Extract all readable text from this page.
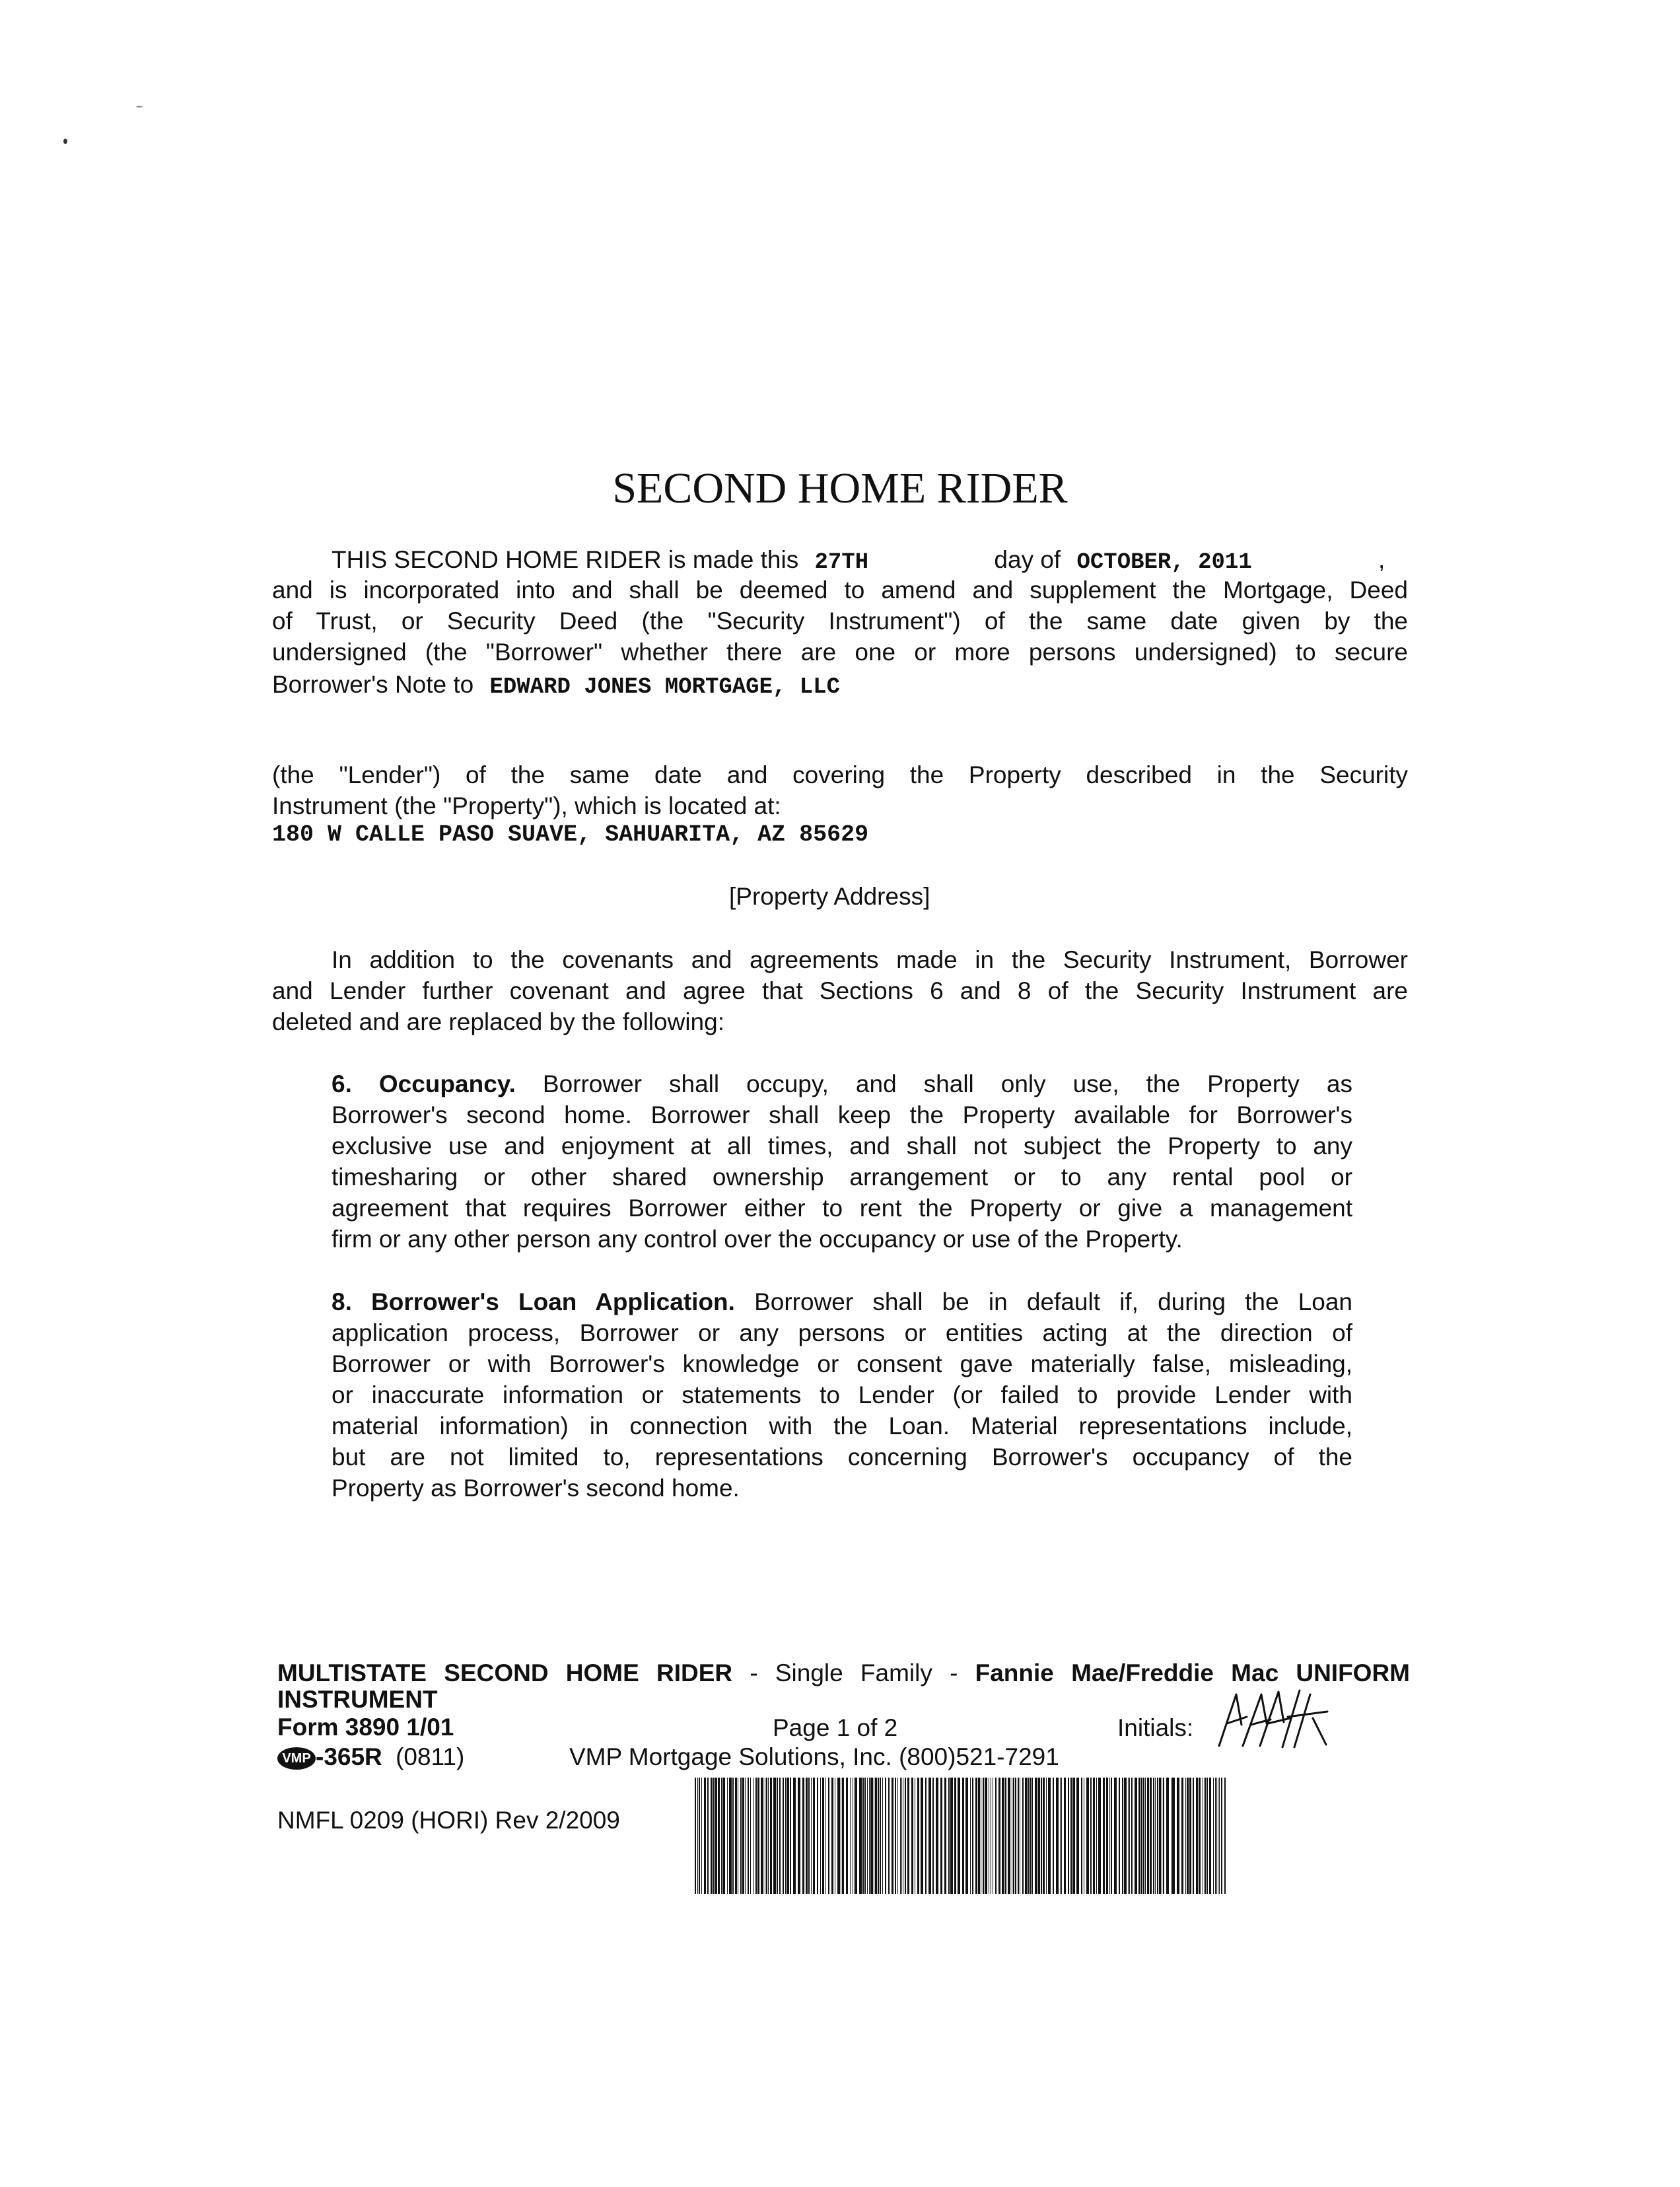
SECOND HOME RIDER
THIS SECOND HOME RIDER is made this 27TH	day of OCTOBER, 2011	,
and is incorporated into and shall be deemed to amend and supplement the Mortgage, Deed
of Trust, or Security Deed (the "Security Instrument") of the same date given by the
undersigned (the "Borrower" whether there are one or more persons undersigned) to secure
Borrower's Note to EDWARD JONES MORTGAGE, LLC
(the "Lender") of the same date and covering the Property described in the Security
Instrument (the "Property"), which is located at:
180 W CALLE PASO SUAVE, SAHUARITA, AZ 85629
[Property Address]
In addition to the covenants and agreements made in the Security Instrument, Borrower
and Lender further covenant and agree that Sections 6 and 8 of the Security Instrument are
deleted and are replaced by the following:
6. Occupancy. Borrower shall occupy, and shall only use, the Property as
Borrower's second home. Borrower shall keep the Property available for Borrower's
exclusive use and enjoyment at all times, and shall not subject the Property to any
timesharing or other shared ownership arrangement or to any rental pool or
agreement that requires Borrower either to rent the Property or give a management
firm or any other person any control over the occupancy or use of the Property.
8. Borrower's Loan Application. Borrower shall be in default if, during the Loan
application process, Borrower or any persons or entities acting at the direction of
Borrower or with Borrower's knowledge or consent gave materially false, misleading,
or inaccurate information or statements to Lender (or failed to provide Lender with
material information) in connection with the Loan. Material representations include,
but are not limited to, representations concerning Borrower's occupancy of the
Property as Borrower's second home.
MULTISTATE SECOND HOME RIDER - Single Family - Fannie Mae/Freddie Mac UNIFORM
INSTRUMENT
Form 3890 1/01	Page 1 of 2	Initials:
VMP -365R (0811)	VMP Mortgage Solutions, Inc. (800)521-7291
NMFL 0209 (HORI) Rev 2/2009
